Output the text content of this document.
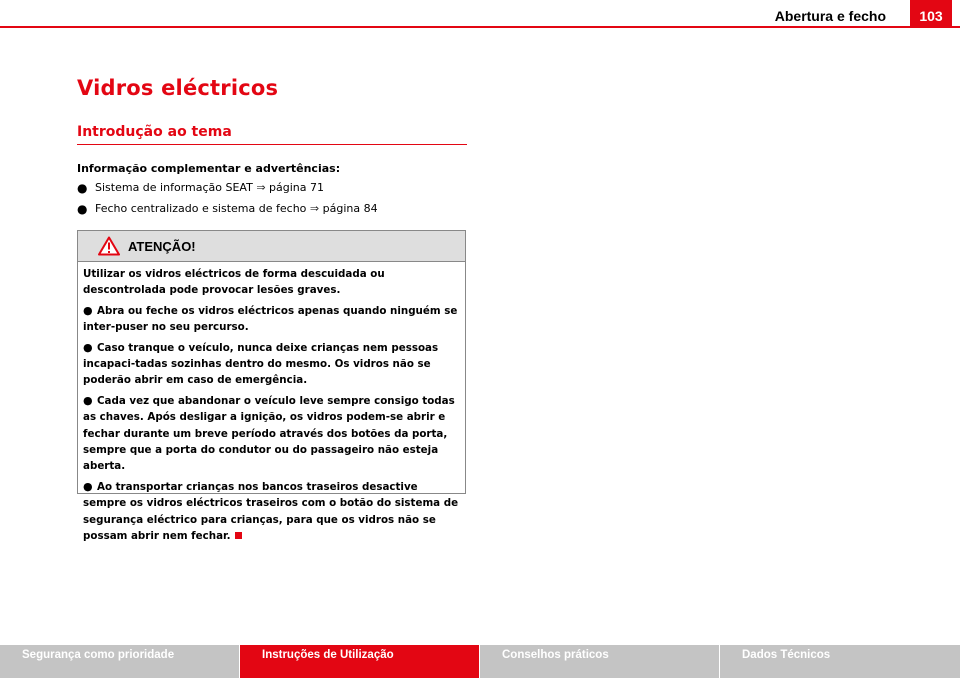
Abertura e fecho	103
Vidros eléctricos
Introdução ao tema
Informação complementar e advertências:
● Sistema de informação SEAT ⇒ página 71
● Fecho centralizado e sistema de fecho ⇒ página 84
ATENÇÃO!

Utilizar os vidros eléctricos de forma descuidada ou descontrolada pode provocar lesões graves.

● Abra ou feche os vidros eléctricos apenas quando ninguém se inter-puser no seu percurso.

● Caso tranque o veículo, nunca deixe crianças nem pessoas incapaci-tadas sozinhas dentro do mesmo. Os vidros não se poderão abrir em caso de emergência.

● Cada vez que abandonar o veículo leve sempre consigo todas as chaves. Após desligar a ignição, os vidros podem-se abrir e fechar durante um breve período através dos botões da porta, sempre que a porta do condutor ou do passageiro não esteja aberta.

● Ao transportar crianças nos bancos traseiros desactive sempre os vidros eléctricos traseiros com o botão do sistema de segurança eléctrico para crianças, para que os vidros não se possam abrir nem fechar.

Segurança como prioridade	Instruções de Utilização	Conselhos práticos	Dados Técnicos
